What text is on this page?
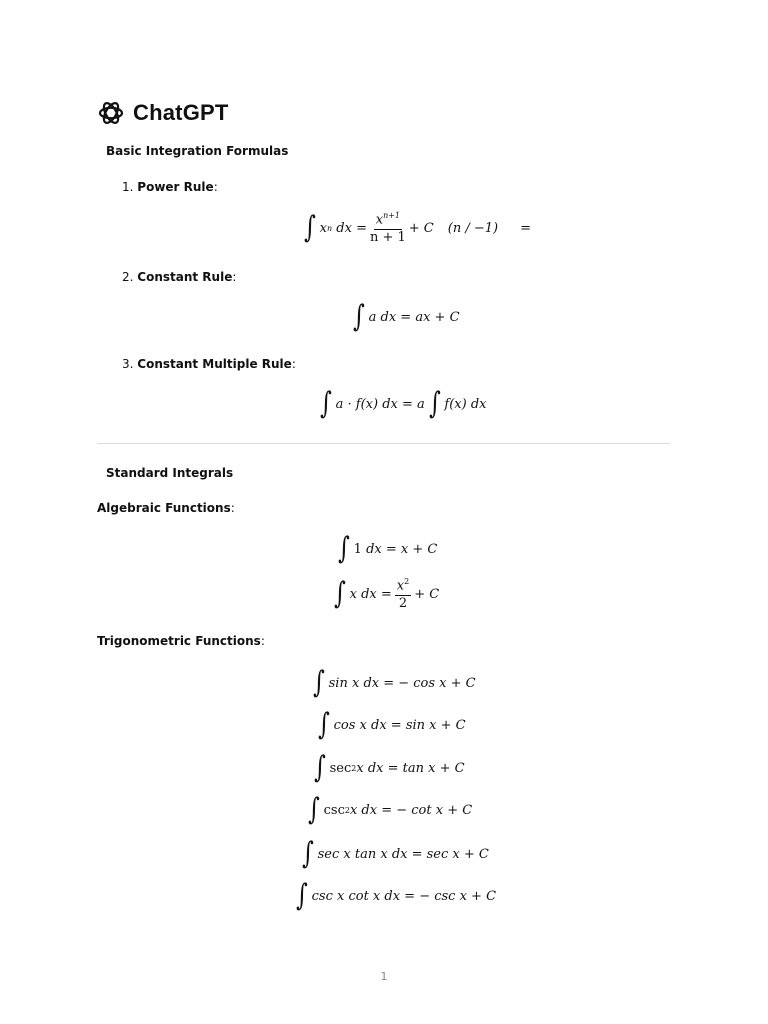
ChatGPT
Basic Integration Formulas
1. Power Rule:
∫ x n
dx = $\frac{x^{n+1}}{n + 1} + C$ (n / −1) =
2. Constant Rule:
∫ a dx = ax + C
3. Constant Multiple Rule:
∫ a · f(x) dx = a ∫ f(x) dx
Standard Integrals
Algebraic Functions:
∫ 1
dx = x + C
∫ x dx = $\frac{x^2}{2} + C$
Trigonometric Functions:
∫ sin x dx = − cos x + C
∫ cos x dx = sin x + C
∫ sec 2 x dx = tan x + C
∫ csc 2 x dx = − cot x + C
∫ sec x tan x dx = sec x + C
∫ csc x cot x dx = − csc x + C
1
